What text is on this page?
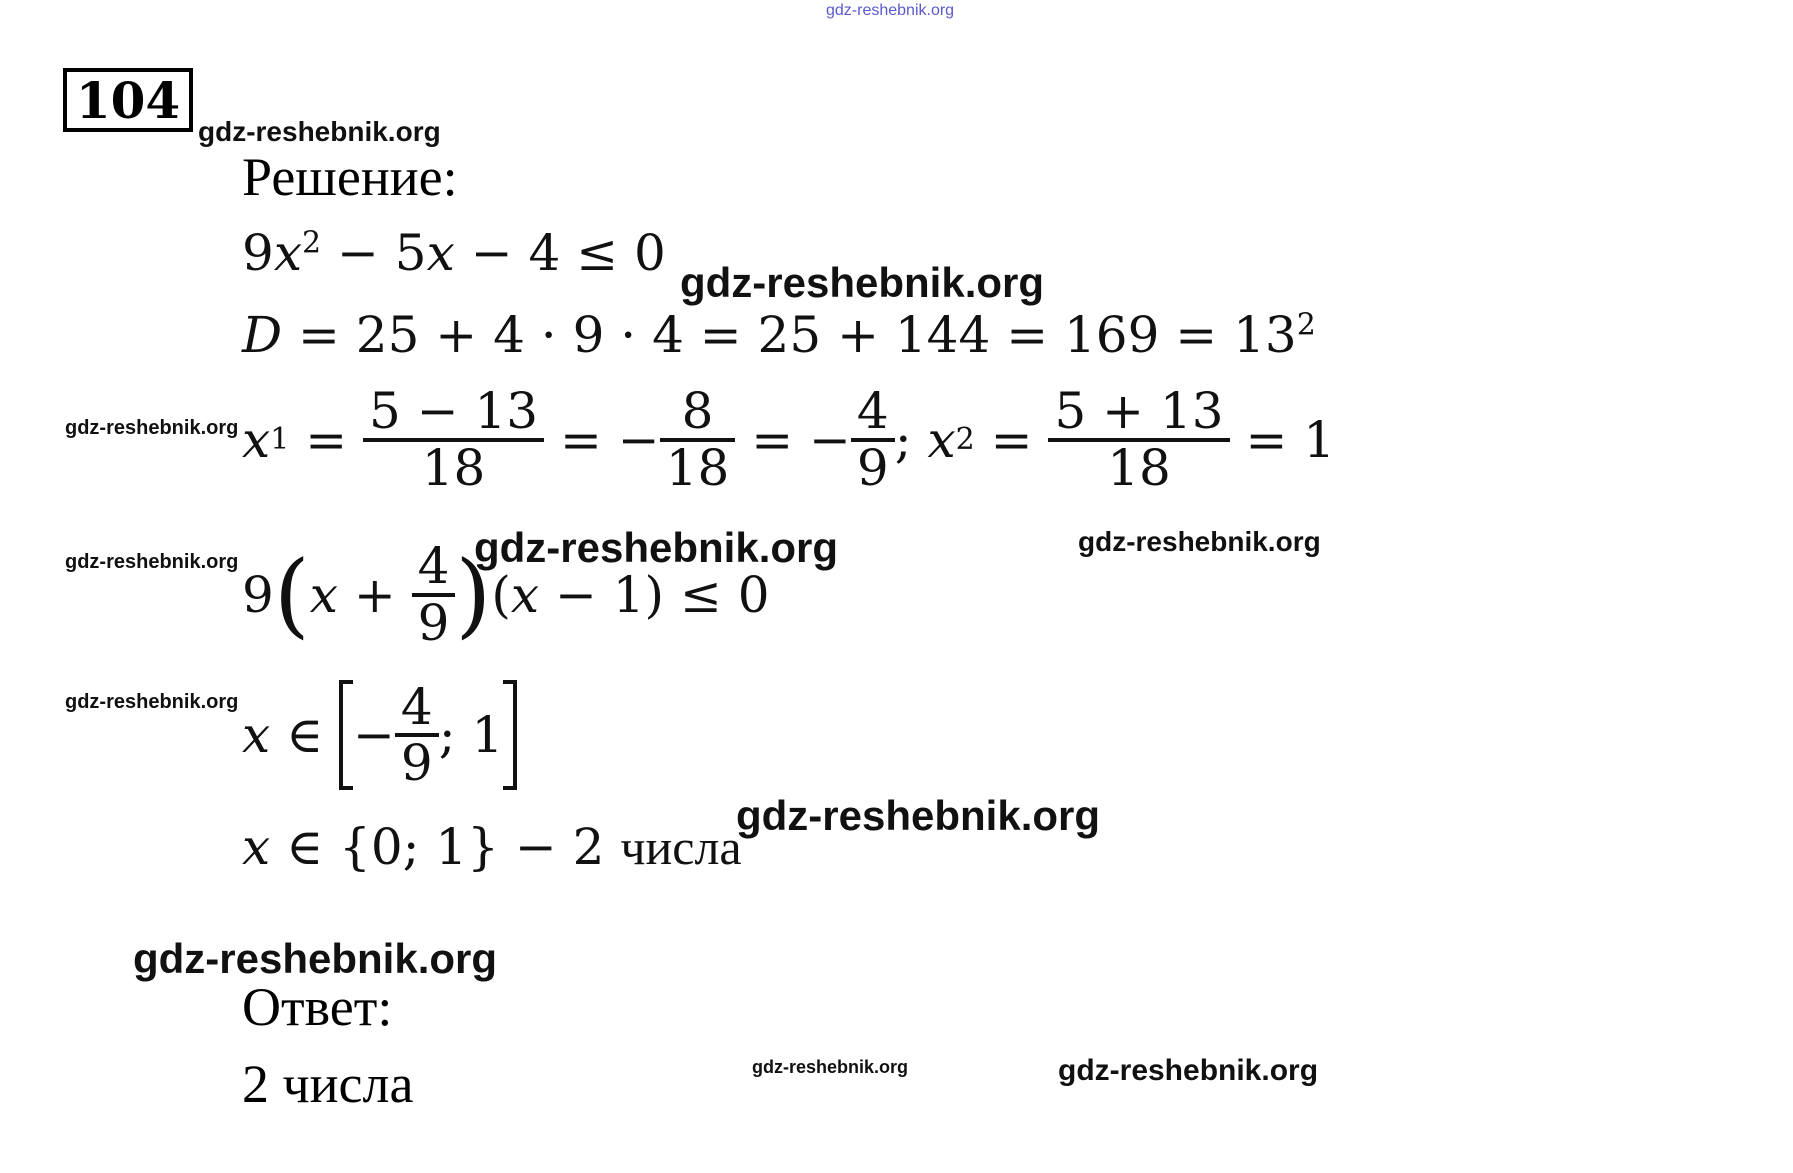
gdz-reshebnik.org
104
gdz-reshebnik.org
gdz-reshebnik.org
gdz-reshebnik.org
gdz-reshebnik.org	gdz-reshebnik.org
gdz-reshebnik.org
gdz-reshebnik.org
gdz-reshebnik.org
gdz-reshebnik.org
gdz-reshebnik.org	gdz-reshebnik.org
Решение:
$9x^2 - 5x - 4 \le 0$
$D = 25 + 4 \cdot 9 \cdot 4 = 25 + 144 = 169 = 13^2$
x $1 = \frac{5 - 13}{18}$ = − $\frac{8}{18}$ = − $\frac{4}{9}$ ; x $2 = \frac{5 + 13}{18} = 1$
9 ( $x + \frac{4}{9}$ ) ( x − 1) ≤ 0
x ∈ − $\frac{4}{9}$ ; 1
x ∈ {0; 1} − 2 числа
Ответ:
2 числа
